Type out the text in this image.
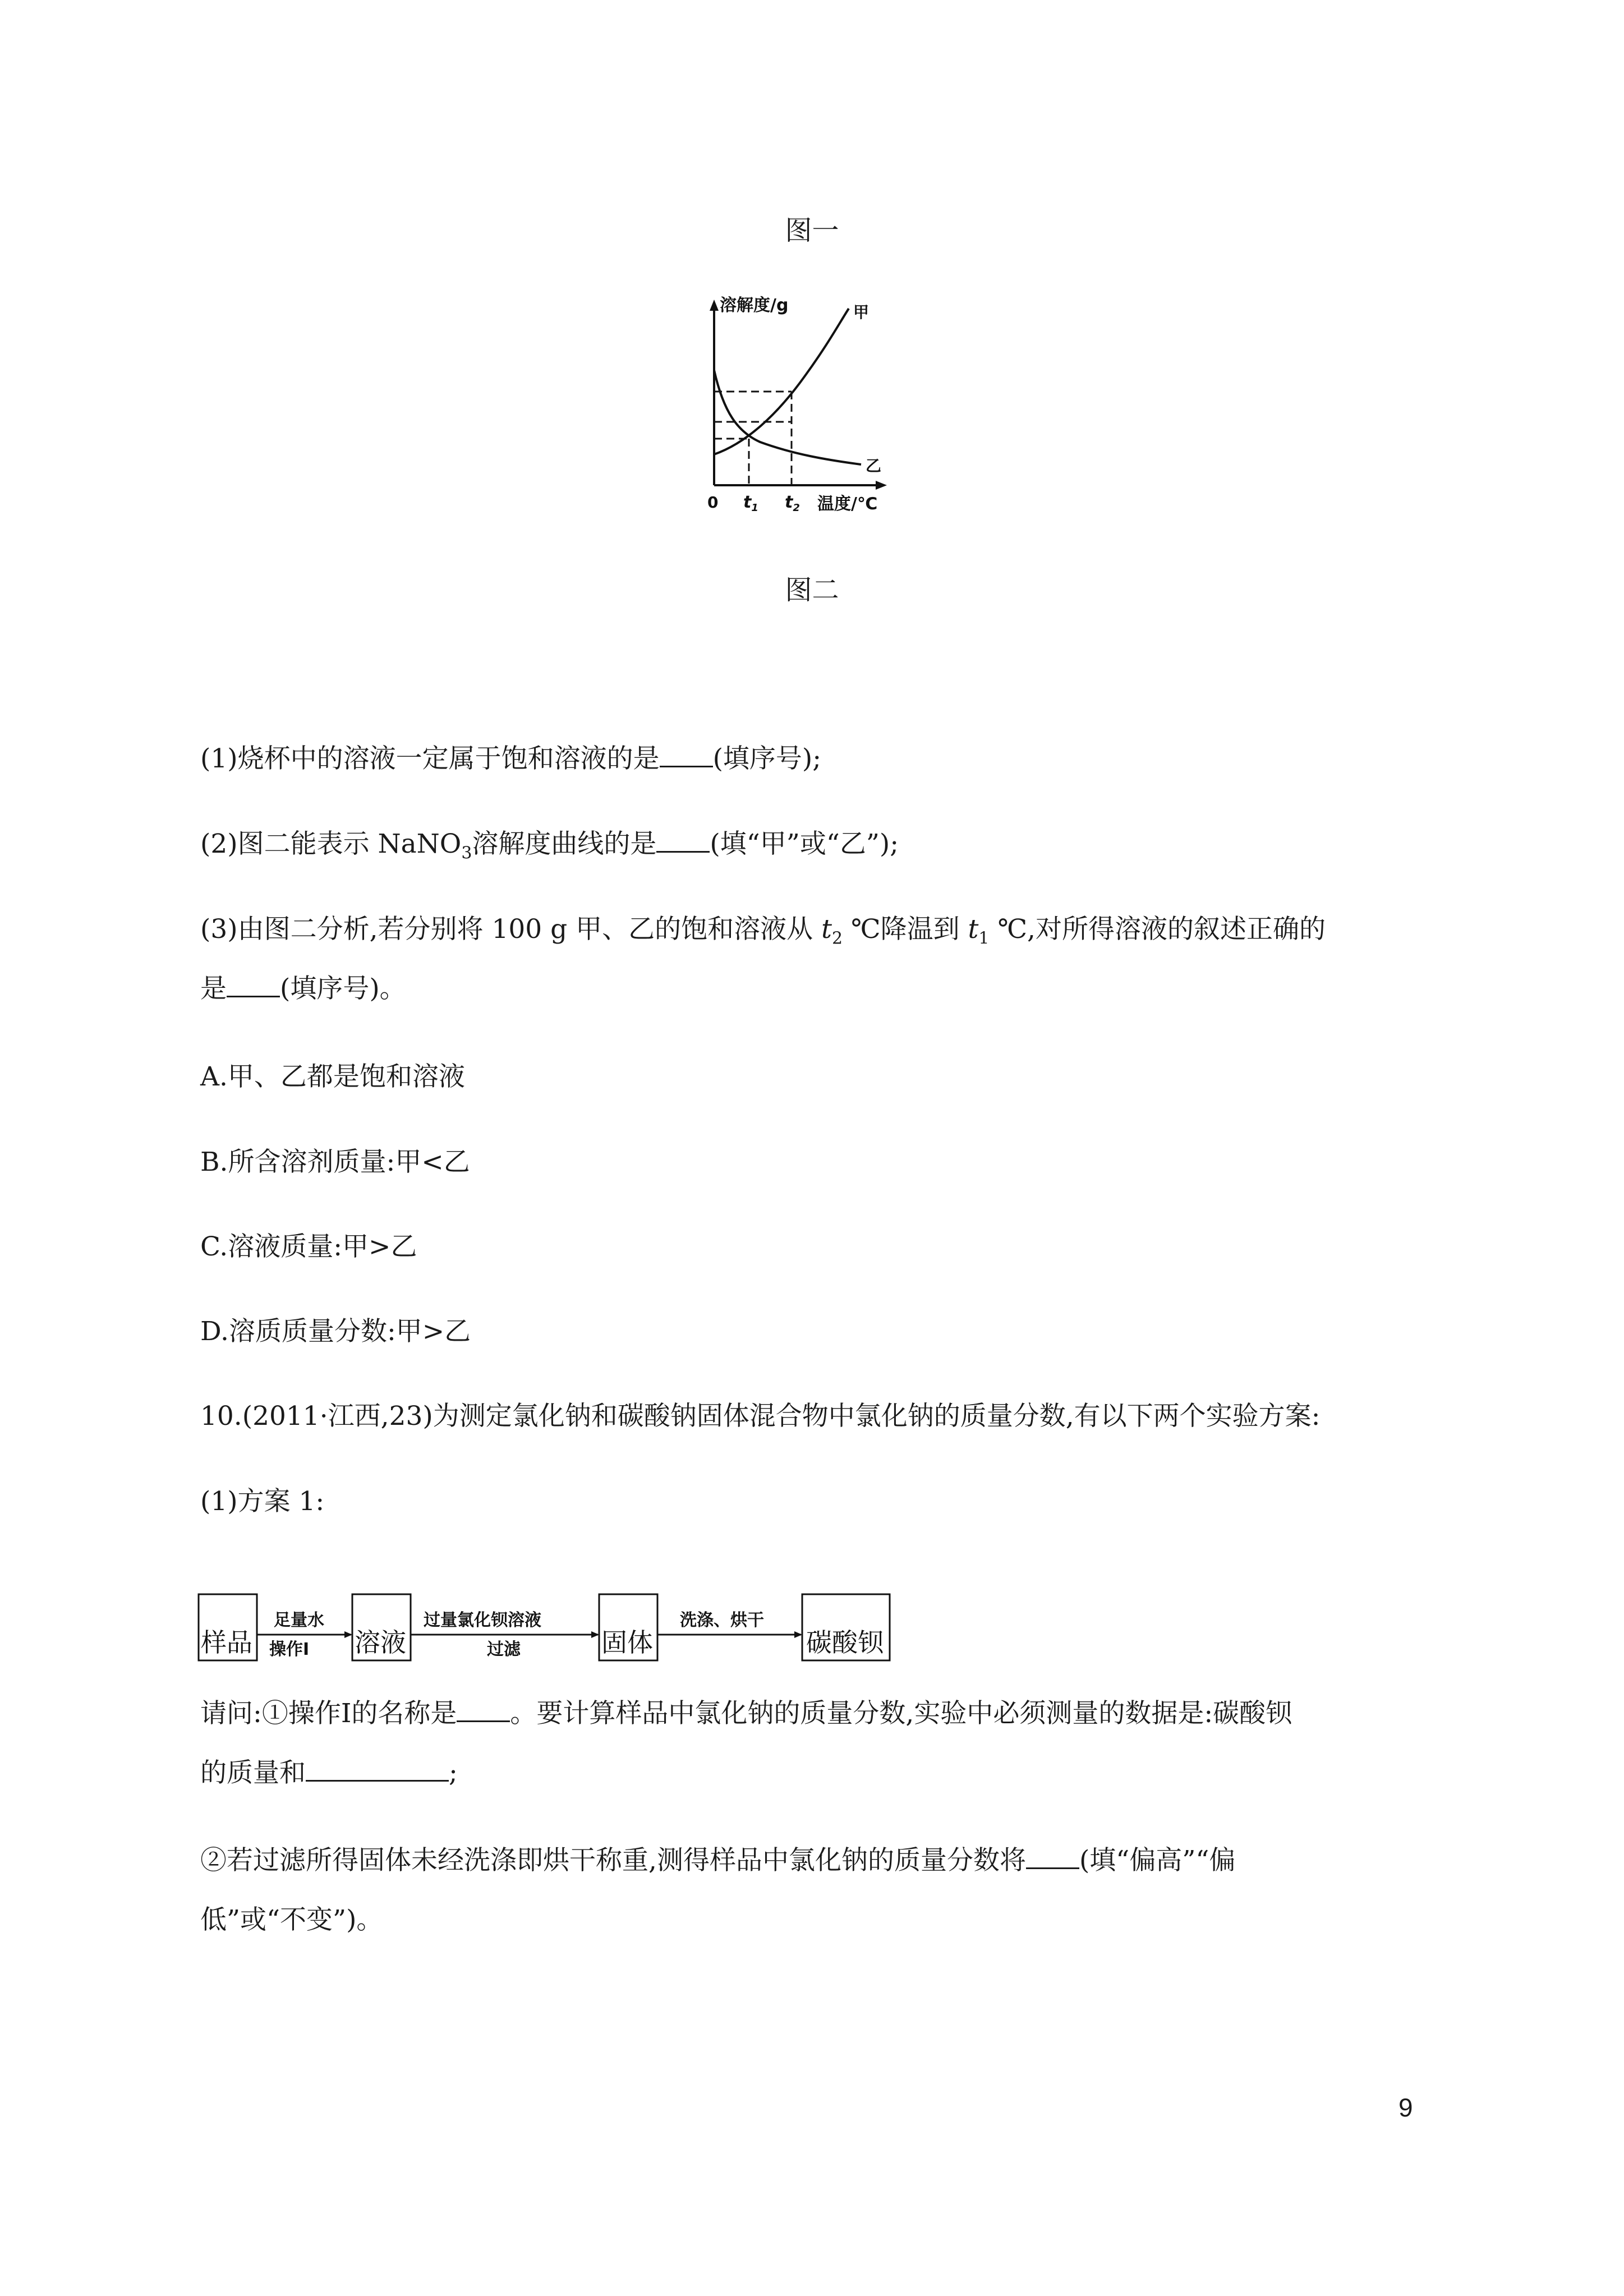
图一
溶解度/g	甲
乙
0 $t_1$ $t_2$ 温度/℃
图二
(1)烧杯中的溶液一定属于饱和溶液的是 (填序号);
(2)图二能表示 NaNO$_3$溶解度曲线的是 (填“甲”或“乙”);
(3)由图二分析,若分别将 100 g 甲、乙的饱和溶液从 $t_2$ ℃降温到 $t_1$ ℃,对所得溶液的叙述正确的
是 (填序号)。
A.甲、乙都是饱和溶液
B.所含溶剂质量:甲<乙
C.溶液质量:甲>乙
D.溶质质量分数:甲>乙
10.(2011·江西,23)为测定氯化钠和碳酸钠固体混合物中氯化钠的质量分数,有以下两个实验方案:
(1)方案 1:
样品
足量水
操作Ⅰ 溶液
过量氯化钡溶液
过滤	固体
洗涤、烘干
碳酸钡
请问:①操作Ⅰ的名称是 。要计算样品中氯化钠的质量分数,实验中必须测量的数据是:碳酸钡
的质量和	;
②若过滤所得固体未经洗涤即烘干称重,测得样品中氯化钠的质量分数将 (填“偏高”“偏
低”或“不变”)。
9
